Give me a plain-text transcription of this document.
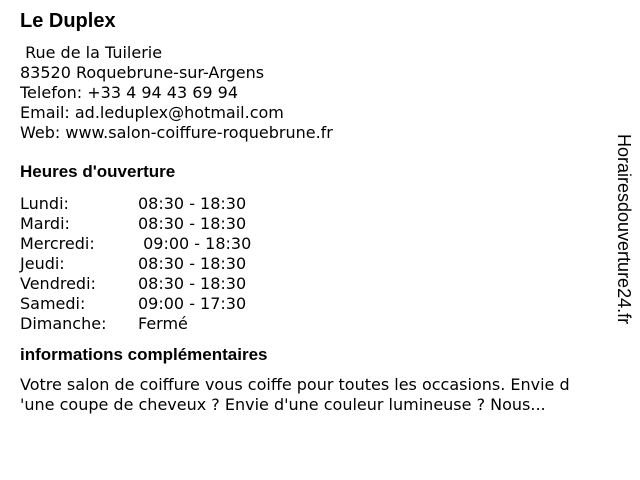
Le Duplex
Rue de la Tuilerie
83520 Roquebrune-sur-Argens
Telefon: +33 4 94 43 69 94
Email: ad.leduplex@hotmail.com
Web: www.salon-coiffure-roquebrune.fr
Heures d'ouverture
Lundi:	08:30 - 18:30
Mardi:	08:30 - 18:30
Mercredi:	09:00 - 18:30
Jeudi:	08:30 - 18:30
Vendredi:	08:30 - 18:30
Samedi:	09:00 - 17:30
Dimanche:	Fermé
informations complémentaires
Votre salon de coiffure vous coiffe pour toutes les occasions. Envie d
'une coupe de cheveux ? Envie d'une couleur lumineuse ? Nous...
Horairesdouverture24.fr
